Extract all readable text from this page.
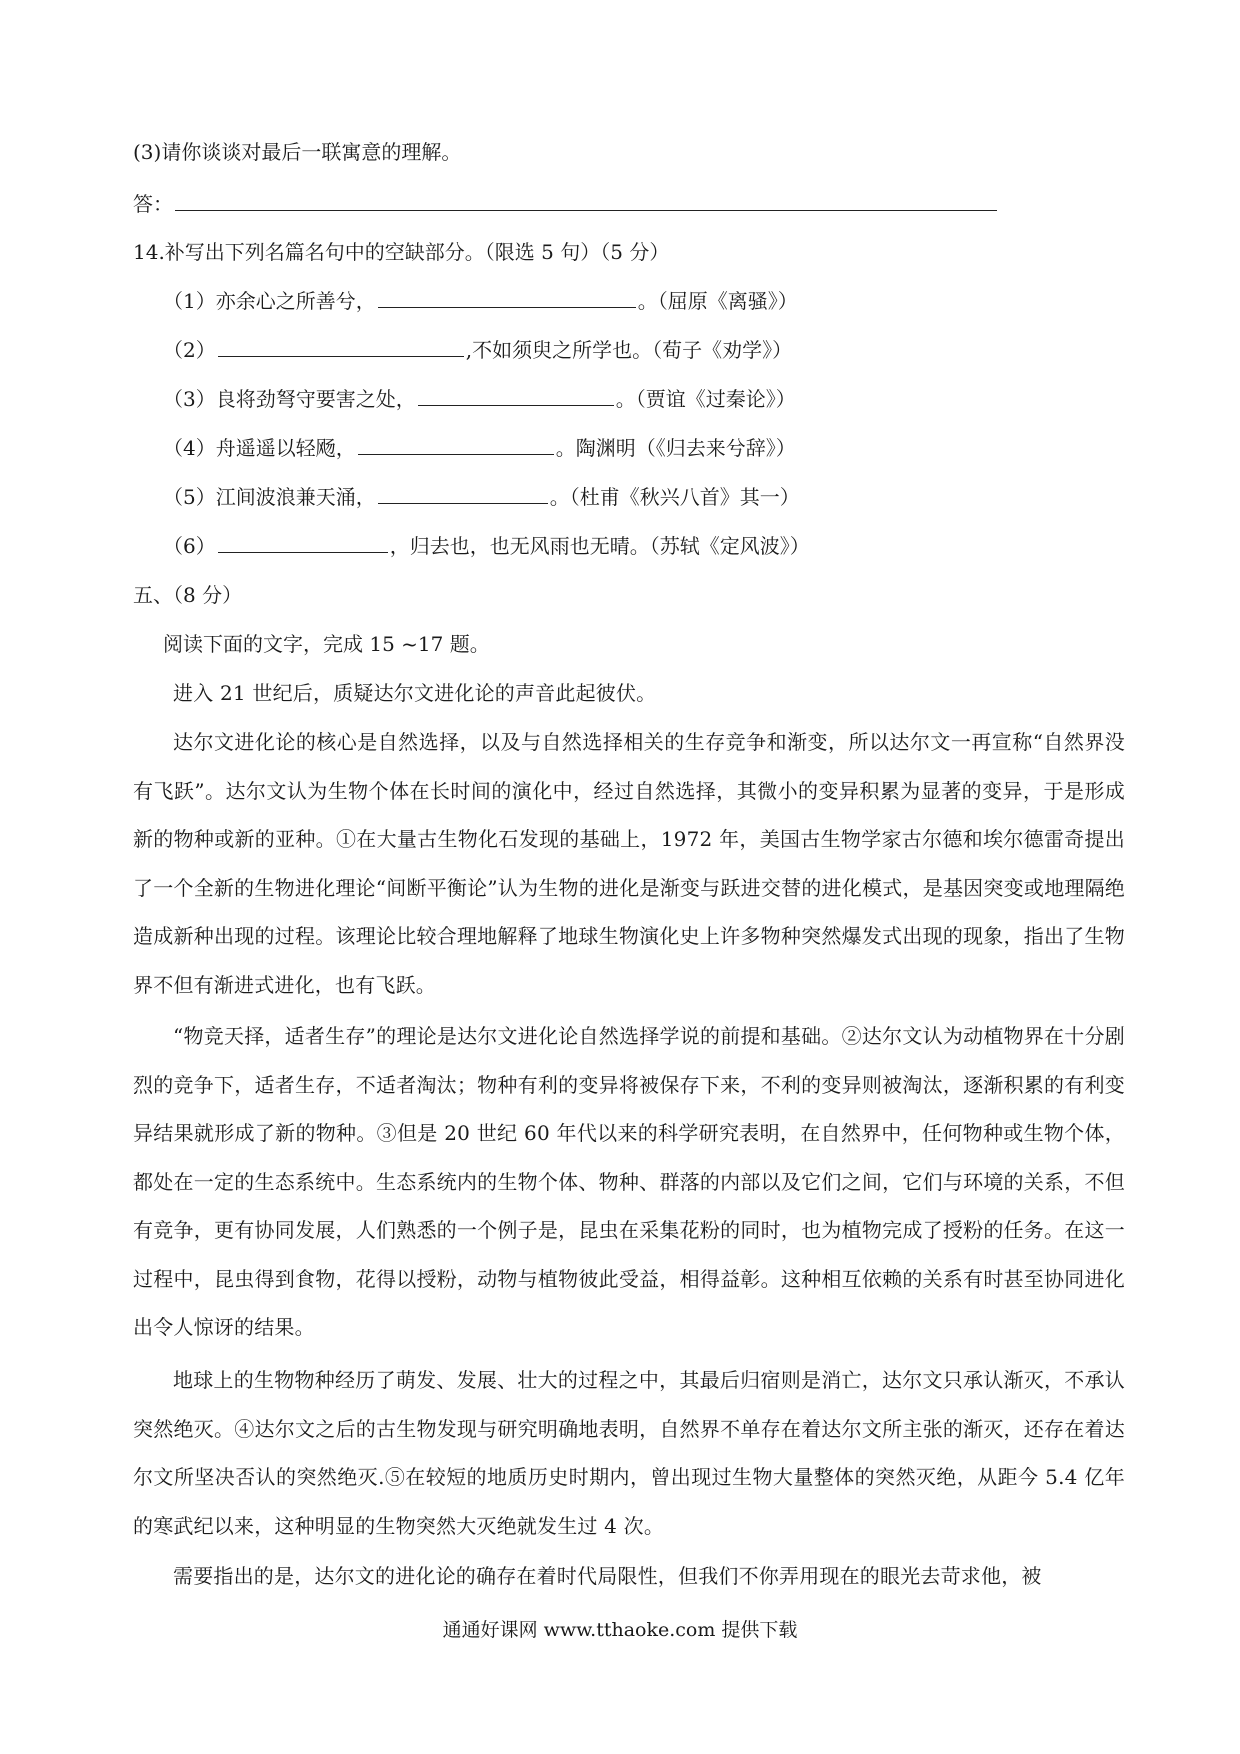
(3)请你谈谈对最后一联寓意的理解。
答：
14.补写出下列名篇名句中的空缺部分。（限选 5 句）（5 分）
（1）亦余心之所善兮，	。（屈原《离骚》）
（2）	,不如须臾之所学也。（荀子《劝学》）
（3）良将劲弩守要害之处，	。（贾谊《过秦论》）
（4）舟遥遥以轻飏，	。陶渊明（《归去来兮辞》）
（5）江间波浪兼天涌，	。（杜甫《秋兴八首》其一）
（6）	，归去也，也无风雨也无晴。（苏轼《定风波》）
五、（8 分）
阅读下面的文字，完成 15 ~17 题。
进入 21 世纪后，质疑达尔文进化论的声音此起彼伏。
达尔文进化论的核心是自然选择，以及与自然选择相关的生存竞争和渐变，所以达尔文一再宣称“自然界没有飞跃”。达尔文认为生物个体在长时间的演化中，经过自然选择，其微小的变异积累为显著的变异，于是形成新的物种或新的亚种。①在大量古生物化石发现的基础上，1972 年，美国古生物学家古尔德和埃尔德雷奇提出了一个全新的生物进化理论“间断平衡论”认为生物的进化是渐变与跃进交替的进化模式，是基因突变或地理隔绝造成新种出现的过程。该理论比较合理地解释了地球生物演化史上许多物种突然爆发式出现的现象，指出了生物界不但有渐进式进化，也有飞跃。
“物竞天择，适者生存”的理论是达尔文进化论自然选择学说的前提和基础。②达尔文认为动植物界在十分剧烈的竞争下，适者生存，不适者淘汰；物种有利的变异将被保存下来，不利的变异则被淘汰，逐渐积累的有利变异结果就形成了新的物种。③但是 20 世纪 60 年代以来的科学研究表明，在自然界中，任何物种或生物个体，都处在一定的生态系统中。生态系统内的生物个体、物种、群落的内部以及它们之间，它们与环境的关系，不但有竞争，更有协同发展，人们熟悉的一个例子是，昆虫在采集花粉的同时，也为植物完成了授粉的任务。在这一过程中，昆虫得到食物，花得以授粉，动物与植物彼此受益，相得益彰。这种相互依赖的关系有时甚至协同进化出令人惊讶的结果。
地球上的生物物种经历了萌发、发展、壮大的过程之中，其最后归宿则是消亡，达尔文只承认渐灭，不承认突然绝灭。④达尔文之后的古生物发现与研究明确地表明，自然界不单存在着达尔文所主张的渐灭，还存在着达尔文所坚决否认的突然绝灭.⑤在较短的地质历史时期内，曾出现过生物大量整体的突然灭绝，从距今 5.4 亿年的寒武纪以来，这种明显的生物突然大灭绝就发生过 4 次。
需要指出的是，达尔文的进化论的确存在着时代局限性，但我们不你弄用现在的眼光去苛求他，被
通通好课网 www.tthaoke.com 提供下载
